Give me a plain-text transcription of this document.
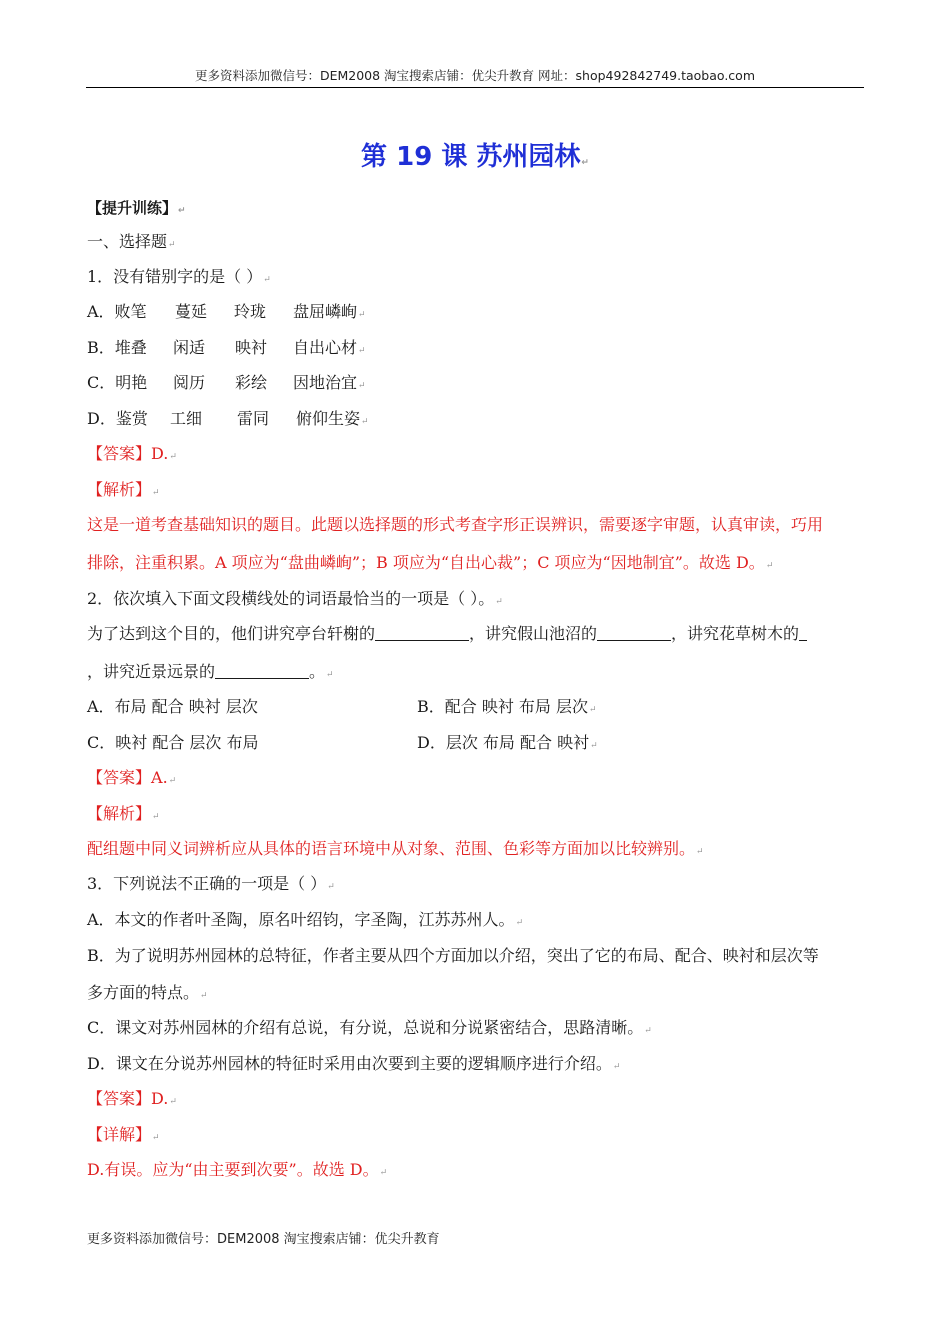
更多资料添加微信号：DEM2008 淘宝搜索店铺：优尖升教育 网址：shop492842749.taobao.com
第 19 课 苏州园林↵
【提升训练】↵
一、选择题↵
1．没有错别字的是（ ）↵
A．败笔 蔓延 玲珑 盘屈嶙峋↵
B．堆叠 闲适 映衬 自出心材↵
C．明艳 阅历 彩绘 因地治宜↵
D．鉴赏 工细 雷同 俯仰生姿↵
【答案】D.↵
【解析】↵
这是一道考查基础知识的题目。此题以选择题的形式考查字形正误辨识，需要逐字审题，认真审读，巧用
排除，注重积累。A 项应为“盘曲嶙峋”；B 项应为“自出心裁”；C 项应为“因地制宜”。故选 D。↵
2．依次填入下面文段横线处的词语最恰当的一项是（ ）。↵
为了达到这个目的，他们讲究亭台轩榭的	，讲究假山池沼的	，讲究花草树木的
，讲究近景远景的	。↵
A．布局 配合 映衬 层次	B．配合 映衬 布局 层次↵
C．映衬 配合 层次 布局	D．层次 布局 配合 映衬↵
【答案】A.↵
【解析】↵
配组题中同义词辨析应从具体的语言环境中从对象、范围、色彩等方面加以比较辨别。↵
3．下列说法不正确的一项是（ ）↵
A．本文的作者叶圣陶，原名叶绍钧，字圣陶，江苏苏州人。↵
B．为了说明苏州园林的总特征，作者主要从四个方面加以介绍，突出了它的布局、配合、映衬和层次等
多方面的特点。↵
C．课文对苏州园林的介绍有总说，有分说，总说和分说紧密结合，思路清晰。↵
D．课文在分说苏州园林的特征时采用由次要到主要的逻辑顺序进行介绍。↵
【答案】D.↵
【详解】↵
D.有误。应为“由主要到次要”。故选 D。↵
更多资料添加微信号：DEM2008 淘宝搜索店铺：优尖升教育
